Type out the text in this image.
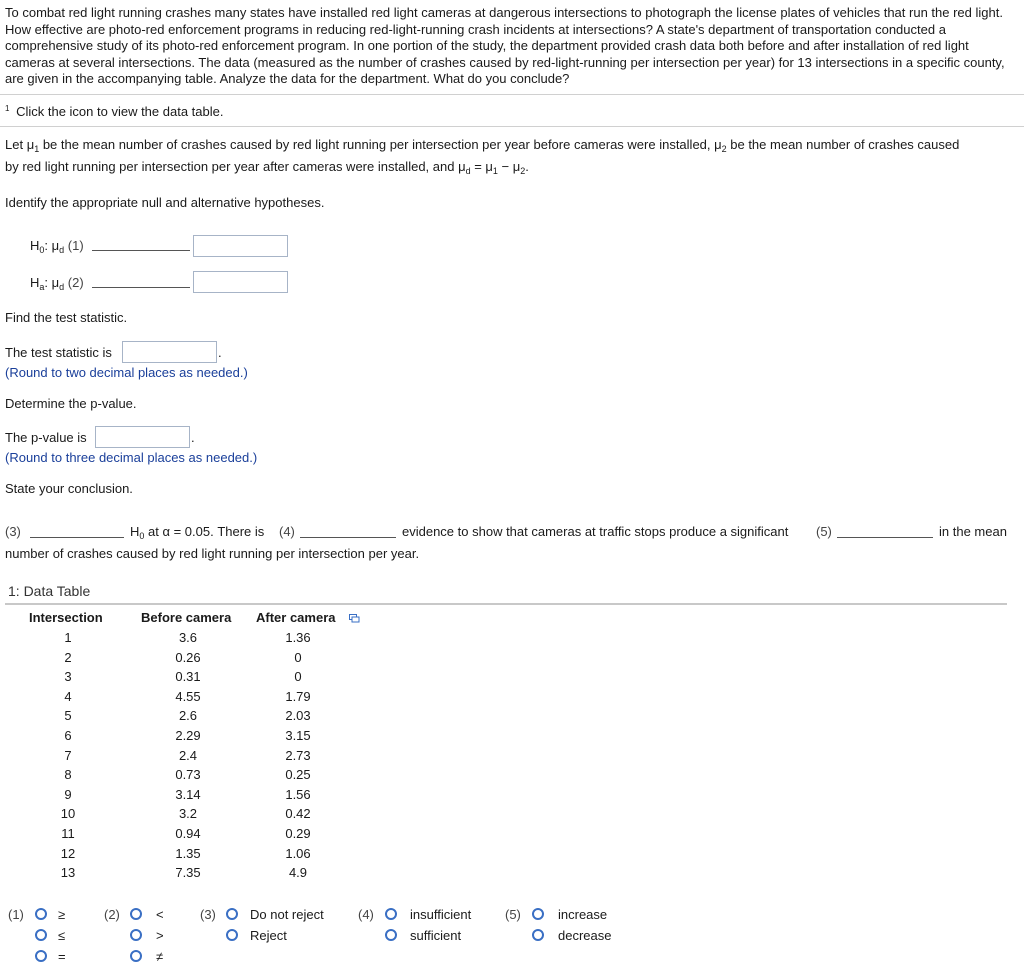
To combat red light running crashes many states have installed red light cameras at dangerous intersections to photograph the license plates of vehicles that run the red light. How effective are photo-red enforcement programs in reducing red-light-running crash incidents at intersections? A state's department of transportation conducted a comprehensive study of its photo-red enforcement program. In one portion of the study, the department provided crash data both before and after installation of red light cameras at several intersections. The data (measured as the number of crashes caused by red-light-running per intersection per year) for 13 intersections in a specific county, are given in the accompanying table. Analyze the data for the department. What do you conclude?
$^1$ Click the icon to view the data table.
Let $\mu_1$ be the mean number of crashes caused by red light running per intersection per year before cameras were installed, $\mu_2$ be the mean number of crashes caused
by red light running per intersection per year after cameras were installed, and $\mu_d = \mu_1 - \mu_2$.
Identify the appropriate null and alternative hypotheses.
$H_0$: $\mu_d$ (1)
$H_a$: $\mu_d$ (2)
Find the test statistic.
The test statistic is	.
(Round to two decimal places as needed.)
Determine the p-value.
The p-value is	.
(Round to three decimal places as needed.)
State your conclusion.
(3)	$H_0$ at α = 0.05. There is (4)	evidence to show that cameras at traffic stops produce a significant (5)	in the mean
number of crashes caused by red light running per intersection per year.
1: Data Table
Intersection	Before camera After camera
1	3.6	1.36
2	0.26	0
3	0.31	0
4	4.55	1.79
5	2.6	2.03
6	2.29	3.15
7	2.4	2.73
8	0.73	0.25
9	3.14	1.56
10	3.2	0.42
11	0.94	0.29
12	1.35	1.06
13	7.35	4.9
(1)	≥
≤
=
(2)	<
>
≠
(3)	Do not reject
Reject
(4)	insufficient
sufficient
(5)	increase
decrease
